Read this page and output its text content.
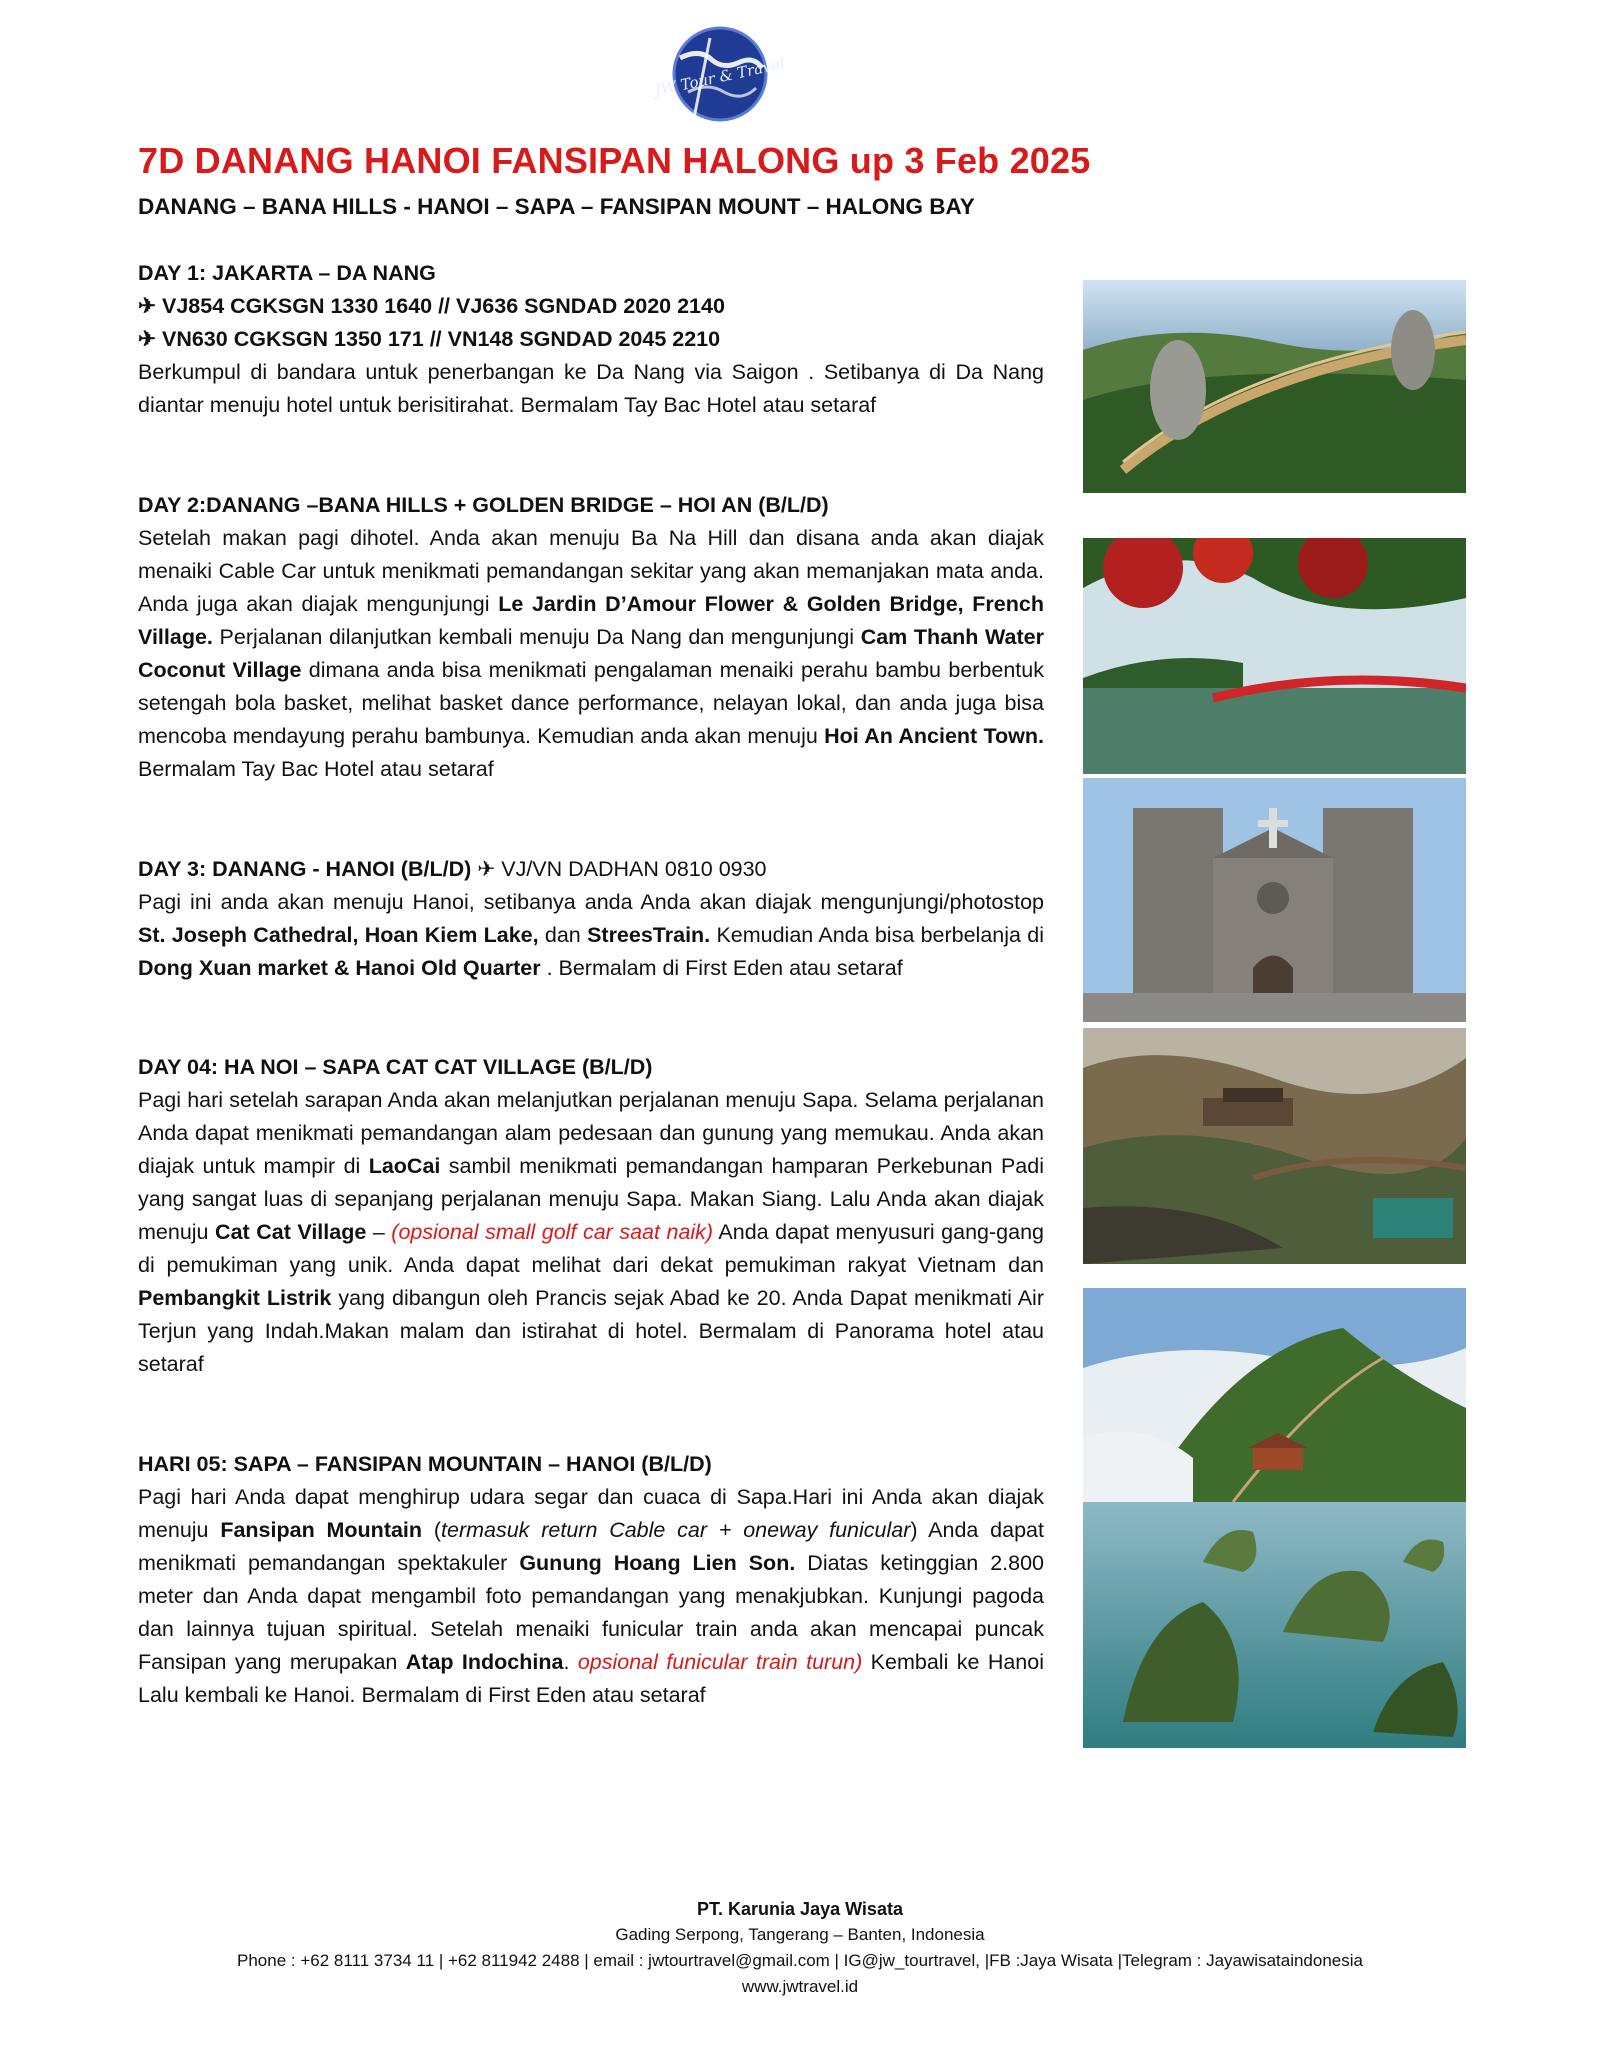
JW Tour & Travel
7D DANANG HANOI FANSIPAN HALONG up 3 Feb 2025
DANANG – BANA HILLS - HANOI – SAPA – FANSIPAN MOUNT – HALONG BAY

DAY 1: JAKARTA – DA NANG

✈ VJ854 CGKSGN 1330 1640 // VJ636 SGNDAD 2020 2140

✈ VN630 CGKSGN 1350 171 // VN148 SGNDAD 2045 2210

Berkumpul di bandara untuk penerbangan ke Da Nang via Saigon . Setibanya di Da Nang diantar menuju hotel untuk berisitirahat. Bermalam Tay Bac Hotel atau setaraf

DAY 2:DANANG –BANA HILLS + GOLDEN BRIDGE – HOI AN (B/L/D)

Setelah makan pagi dihotel. Anda akan menuju Ba Na Hill dan disana anda akan diajak menaiki Cable Car untuk menikmati pemandangan sekitar yang akan memanjakan mata anda. Anda juga akan diajak mengunjungi Le Jardin D’Amour Flower & Golden Bridge, French Village. Perjalanan dilanjutkan kembali menuju Da Nang dan mengunjungi Cam Thanh Water Coconut Village dimana anda bisa menikmati pengalaman menaiki perahu bambu berbentuk setengah bola basket, melihat basket dance performance, nelayan lokal, dan anda juga bisa mencoba mendayung perahu bambunya. Kemudian anda akan menuju Hoi An Ancient Town. Bermalam Tay Bac Hotel atau setaraf

DAY 3: DANANG - HANOI (B/L/D) ✈ VJ/VN DADHAN 0810 0930

Pagi ini anda akan menuju Hanoi, setibanya anda Anda akan diajak mengunjungi/photostop St. Joseph Cathedral, Hoan Kiem Lake, dan StreesTrain. Kemudian Anda bisa berbelanja di Dong Xuan market & Hanoi Old Quarter . Bermalam di First Eden atau setaraf

DAY 04: HA NOI – SAPA CAT CAT VILLAGE (B/L/D)

Pagi hari setelah sarapan Anda akan melanjutkan perjalanan menuju Sapa. Selama perjalanan Anda dapat menikmati pemandangan alam pedesaan dan gunung yang memukau. Anda akan diajak untuk mampir di LaoCai sambil menikmati pemandangan hamparan Perkebunan Padi yang sangat luas di sepanjang perjalanan menuju Sapa. Makan Siang. Lalu Anda akan diajak menuju Cat Cat Village – (opsional small golf car saat naik) Anda dapat menyusuri gang-gang di pemukiman yang unik. Anda dapat melihat dari dekat pemukiman rakyat Vietnam dan Pembangkit Listrik yang dibangun oleh Prancis sejak Abad ke 20. Anda Dapat menikmati Air Terjun yang Indah.Makan malam dan istirahat di hotel. Bermalam di Panorama hotel atau setaraf

HARI 05: SAPA – FANSIPAN MOUNTAIN – HANOI (B/L/D)

Pagi hari Anda dapat menghirup udara segar dan cuaca di Sapa.Hari ini Anda akan diajak menuju Fansipan Mountain (termasuk return Cable car + oneway funicular) Anda dapat menikmati pemandangan spektakuler Gunung Hoang Lien Son. Diatas ketinggian 2.800 meter dan Anda dapat mengambil foto pemandangan yang menakjubkan. Kunjungi pagoda dan lainnya tujuan spiritual. Setelah menaiki funicular train anda akan mencapai puncak Fansipan yang merupakan Atap Indochina. opsional funicular train turun) Kembali ke Hanoi Lalu kembali ke Hanoi. Bermalam di First Eden atau setaraf

PT. Karunia Jaya Wisata
Gading Serpong, Tangerang – Banten, Indonesia
Phone : +62 8111 3734 11 | +62 811942 2488 | email : jwtourtravel@gmail.com | IG@jw_tourtravel, |FB :Jaya Wisata |Telegram : Jayawisataindonesia
www.jwtravel.id
